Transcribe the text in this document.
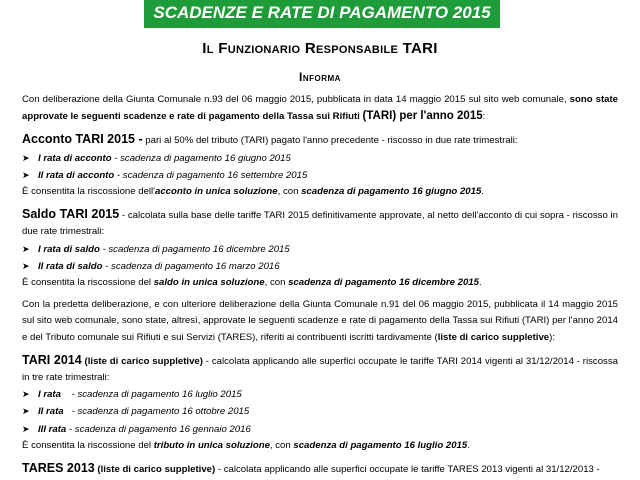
SCADENZE E RATE DI PAGAMENTO 2015
Il Funzionario Responsabile TARI
Informa

Con deliberazione della Giunta Comunale n.93 del 06 maggio 2015, pubblicata in data 14 maggio 2015 sul sito web comunale, sono state approvate le seguenti scadenze e rate di pagamento della Tassa sui Rifiuti (TARI) per l'anno 2015:

Acconto TARI 2015 - pari al 50% del tributo (TARI) pagato l'anno precedente - riscosso in due rate trimestrali:

➤ I rata di acconto - scadenza di pagamento 16 giugno 2015

➤ II rata di acconto - scadenza di pagamento 16 settembre 2015

È consentita la riscossione dell'acconto in unica soluzione, con scadenza di pagamento 16 giugno 2015.

Saldo TARI 2015 - calcolata sulla base delle tariffe TARI 2015 definitivamente approvate, al netto dell'acconto di cui sopra - riscosso in due rate trimestrali:

➤ I rata di saldo - scadenza di pagamento 16 dicembre 2015

➤ II rata di saldo - scadenza di pagamento 16 marzo 2016

È consentita la riscossione del saldo in unica soluzione, con scadenza di pagamento 16 dicembre 2015.

Con la predetta deliberazione, e con ulteriore deliberazione della Giunta Comunale n.91 del 06 maggio 2015, pubblicata il 14 maggio 2015 sul sito web comunale, sono state, altresì, approvate le seguenti scadenze e rate di pagamento della Tassa sui Rifiuti (TARI) per l'anno 2014 e del Tributo comunale sui Rifiuti e sui Servizi (TARES), riferiti ai contribuenti iscritti tardivamente (liste di carico suppletive):

TARI 2014 (liste di carico suppletive) - calcolata applicando alle superfici occupate le tariffe TARI 2014 vigenti al 31/12/2014 - riscossa in tre rate trimestrali:

➤ I rata    - scadenza di pagamento 16 luglio 2015

➤ II rata   - scadenza di pagamento 16 ottobre 2015

➤ III rata - scadenza di pagamento 16 gennaio 2016

È consentita la riscossione del tributo in unica soluzione, con scadenza di pagamento 16 luglio 2015.

TARES 2013 (liste di carico suppletive) - calcolata applicando alle superfici occupate le tariffe TARES 2013 vigenti al 31/12/2013 -
